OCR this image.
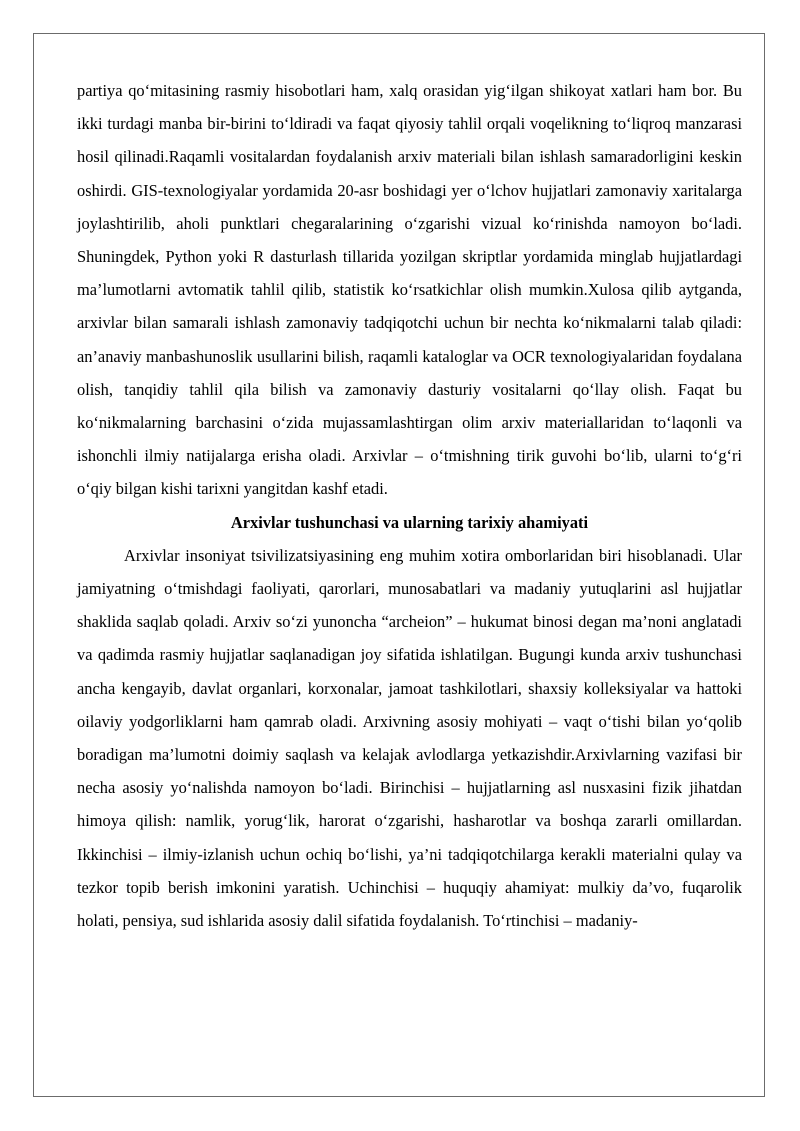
partiya qo‘mitasining rasmiy hisobotlari ham, xalq orasidan yig‘ilgan shikoyat xatlari ham bor. Bu ikki turdagi manba bir-birini to‘ldiradi va faqat qiyosiy tahlil orqali voqelikning to‘liqroq manzarasi hosil qilinadi.Raqamli vositalardan foydalanish arxiv materiali bilan ishlash samaradorligini keskin oshirdi. GIS-texnologiyalar yordamida 20-asr boshidagi yer o‘lchov hujjatlari zamonaviy xaritalarga joylashtirilib, aholi punktlari chegaralarining o‘zgarishi vizual ko‘rinishda namoyon bo‘ladi. Shuningdek, Python yoki R dasturlash tillarida yozilgan skriptlar yordamida minglab hujjatlardagi ma’lumotlarni avtomatik tahlil qilib, statistik ko‘rsatkichlar olish mumkin.Xulosa qilib aytganda, arxivlar bilan samarali ishlash zamonaviy tadqiqotchi uchun bir nechta ko‘nikmalarni talab qiladi: an’anaviy manbashunoslik usullarini bilish, raqamli kataloglar va OCR texnologiyalaridan foydalana olish, tanqidiy tahlil qila bilish va zamonaviy dasturiy vositalarni qo‘llay olish. Faqat bu ko‘nikmalarning barchasini o‘zida mujassamlashtirgan olim arxiv materiallaridan to‘laqonli va ishonchli ilmiy natijalarga erisha oladi. Arxivlar – o‘tmishning tirik guvohi bo‘lib, ularni to‘g‘ri o‘qiy bilgan kishi tarixni yangitdan kashf etadi.

Arxivlar tushunchasi va ularning tarixiy ahamiyati

Arxivlar insoniyat tsivilizatsiyasining eng muhim xotira omborlaridan biri hisoblanadi. Ular jamiyatning o‘tmishdagi faoliyati, qarorlari, munosabatlari va madaniy yutuqlarini asl hujjatlar shaklida saqlab qoladi. Arxiv so‘zi yunoncha “archeion” – hukumat binosi degan ma’noni anglatadi va qadimda rasmiy hujjatlar saqlanadigan joy sifatida ishlatilgan. Bugungi kunda arxiv tushunchasi ancha kengayib, davlat organlari, korxonalar, jamoat tashkilotlari, shaxsiy kolleksiyalar va hattoki oilaviy yodgorliklarni ham qamrab oladi. Arxivning asosiy mohiyati – vaqt o‘tishi bilan yo‘qolib boradigan ma’lumotni doimiy saqlash va kelajak avlodlarga yetkazishdir.Arxivlarning vazifasi bir necha asosiy yo‘nalishda namoyon bo‘ladi. Birinchisi – hujjatlarning asl nusxasini fizik jihatdan himoya qilish: namlik, yorug‘lik, harorat o‘zgarishi, hasharotlar va boshqa zararli omillardan. Ikkinchisi – ilmiy-izlanish uchun ochiq bo‘lishi, ya’ni tadqiqotchilarga kerakli materialni qulay va tezkor topib berish imkonini yaratish. Uchinchisi – huquqiy ahamiyat: mulkiy da’vo, fuqarolik holati, pensiya, sud ishlarida asosiy dalil sifatida foydalanish. To‘rtinchisi – madaniy-
